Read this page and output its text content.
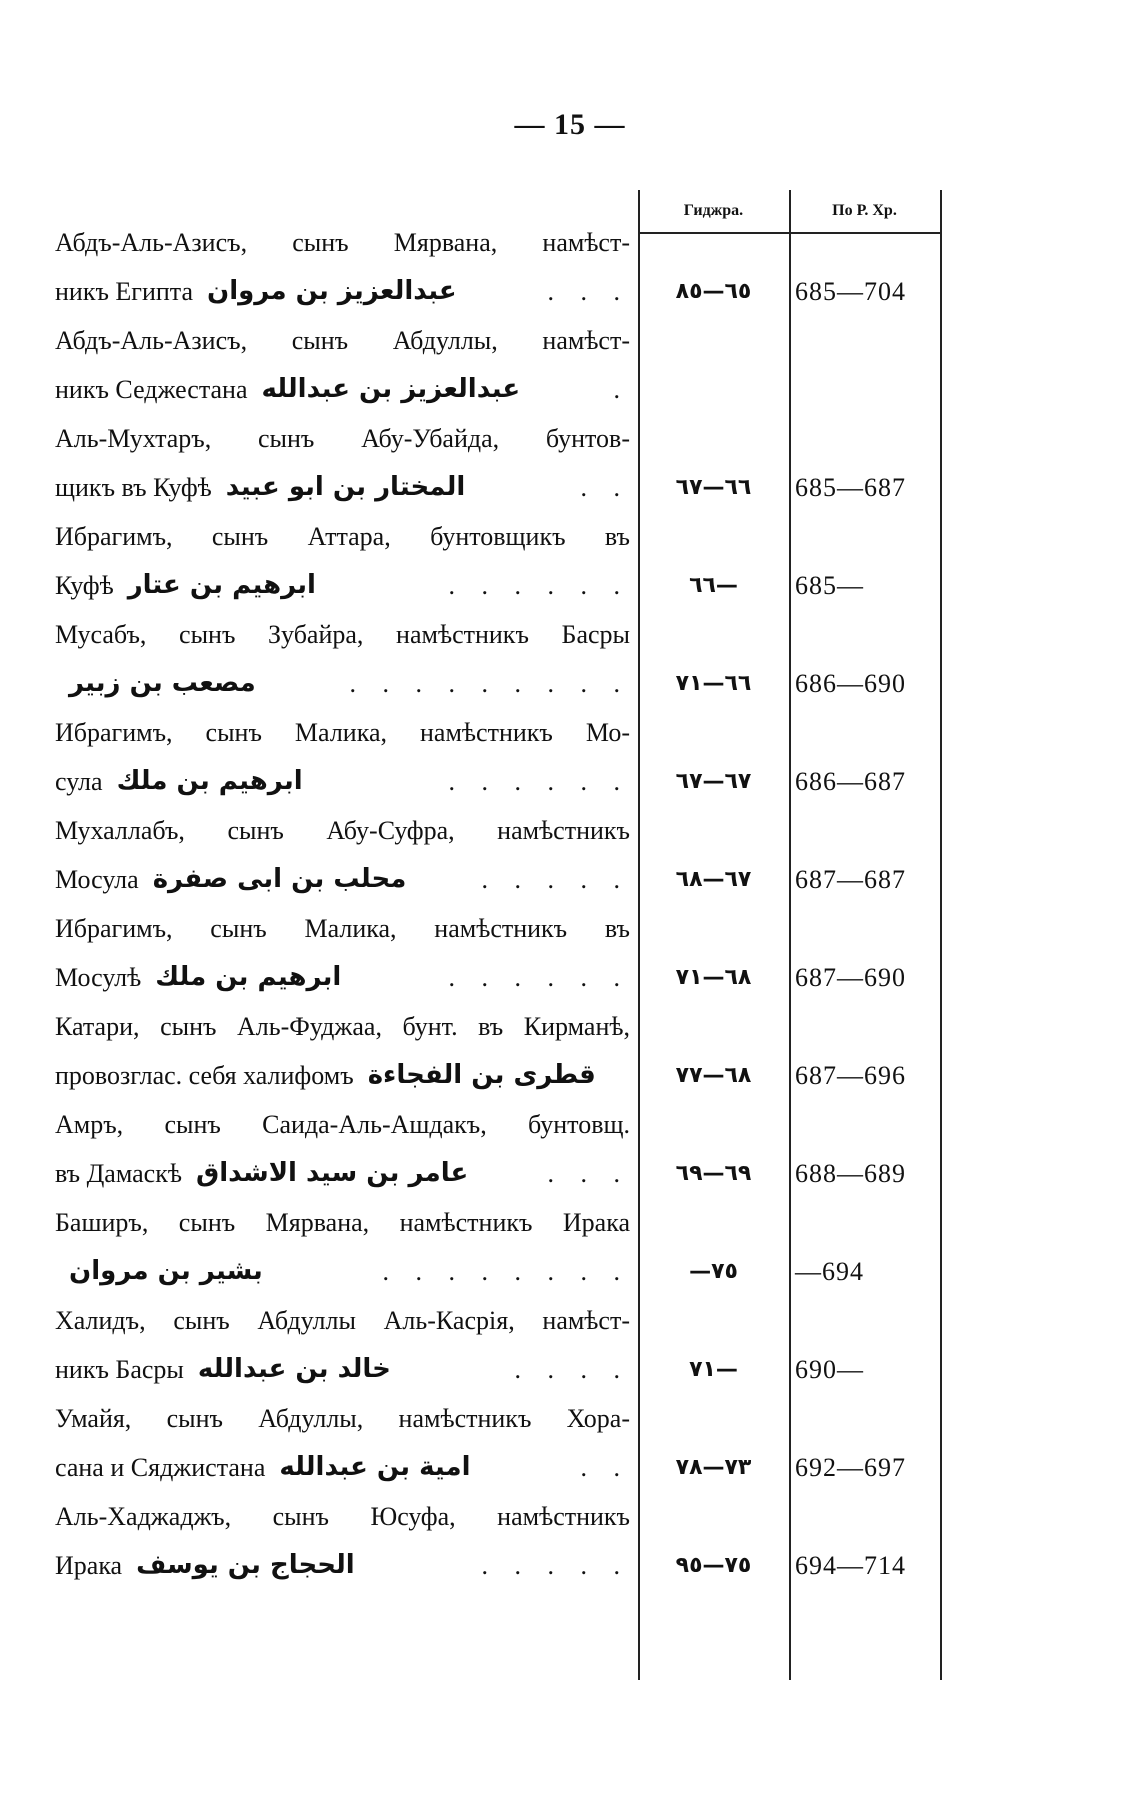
— 15 —
Гиджра.	По Р. Хр.
Абдъ-Аль-Азисъ, сынъ Мярвана, намѣст-
никъ Египта عبدالعزيز بن مروان	. . .	٦٥—٨٥	685—704
Абдъ-Аль-Азисъ, сынъ Абдуллы, намѣст-
никъ Седжестана عبدالعزيز بن عبدالله	.
Аль-Мухтаръ, сынъ Абу-Убайда, бунтов-
щикъ въ Куфѣ المختار بن ابو عبيد	. .	٦٦—٦٧	685—687
Ибрагимъ, сынъ Аттара, бунтовщикъ въ
Куфѣ ابرهيم بن عتار	. . . . . .	٦٦—	685—
Мусабъ, сынъ Зубайра, намѣстникъ Басры
مصعب بن زبير	. . . . . . . . .	٦٦—٧١	686—690
Ибрагимъ, сынъ Малика, намѣстникъ Мо-
сула ابرهيم بن ملك	. . . . . .	٦٧—٦٧	686—687
Мухаллабъ, сынъ Абу-Суфра, намѣстникъ
Мосула محلب بن ابى صفرة	. . . . .	٦٧—٦٨	687—687
Ибрагимъ, сынъ Малика, намѣстникъ въ
Мосулѣ ابرهيم بن ملك	. . . . . .	٦٨—٧١	687—690
Катари, сынъ Аль-Фуджаа, бунт. въ Кирманѣ,
провозглас. себя халифомъ قطرى بن الفجاءة	٦٨—٧٧	687—696
Амръ, сынъ Саида-Аль-Ашдакъ, бунтовщ.
въ Дамаскѣ عامر بن سيد الاشداق	. . .	٦٩—٦٩	688—689
Баширъ, сынъ Мярвана, намѣстникъ Ирака
بشير بن مروان	. . . . . . . .	—٧٥	—694
Халидъ, сынъ Абдуллы Аль-Касрія, намѣст-
никъ Басры خالد بن عبدالله	. . . .	٧١—	690—
Умайя, сынъ Абдуллы, намѣстникъ Хора-
сана и Сяджистана امية بن عبدالله	. .	٧٣—٧٨	692—697
Аль-Хаджаджъ, сынъ Юсуфа, намѣстникъ
Ирака الحجاج بن يوسف	. . . . .	٧٥—٩٥	694—714
